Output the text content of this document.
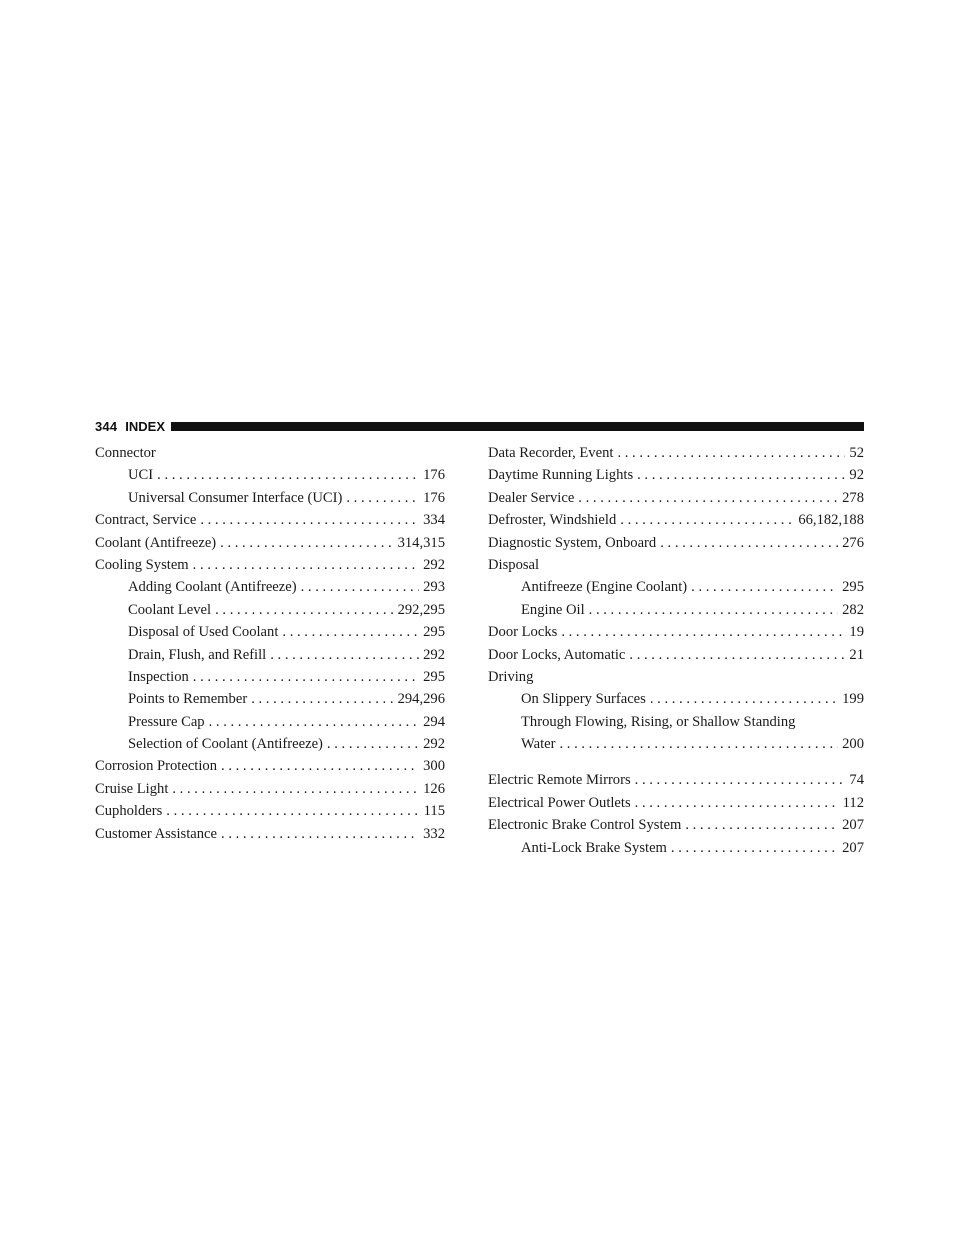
344 INDEX
Connector
UCI . . .	176
Universal Consumer Interface (UCI) . . .	176
Contract, Service . . .	334
Coolant (Antifreeze) . . .	314,315
Cooling System . . .	292
Adding Coolant (Antifreeze) . . .	293
Coolant Level . . .	292,295
Disposal of Used Coolant . . .	295
Drain, Flush, and Refill . . .	292
Inspection . . .	295
Points to Remember . . .	294,296
Pressure Cap . . .	294
Selection of Coolant (Antifreeze) . . .	292
Corrosion Protection . . .	300
Cruise Light . . .	126
Cupholders . . .	115
Customer Assistance . . .	332
Data Recorder, Event . . .	52
Daytime Running Lights . . .	92
Dealer Service . . .	278
Defroster, Windshield . . .	66,182,188
Diagnostic System, Onboard . . .	276
Disposal
Antifreeze (Engine Coolant) . . .	295
Engine Oil . . .	282
Door Locks . . .	19
Door Locks, Automatic . . .	21
Driving
On Slippery Surfaces . . .	199
Through Flowing, Rising, or Shallow Standing
Water . . .	200
Electric Remote Mirrors . . .	74
Electrical Power Outlets . . .	112
Electronic Brake Control System . . .	207
Anti-Lock Brake System . . .	207
